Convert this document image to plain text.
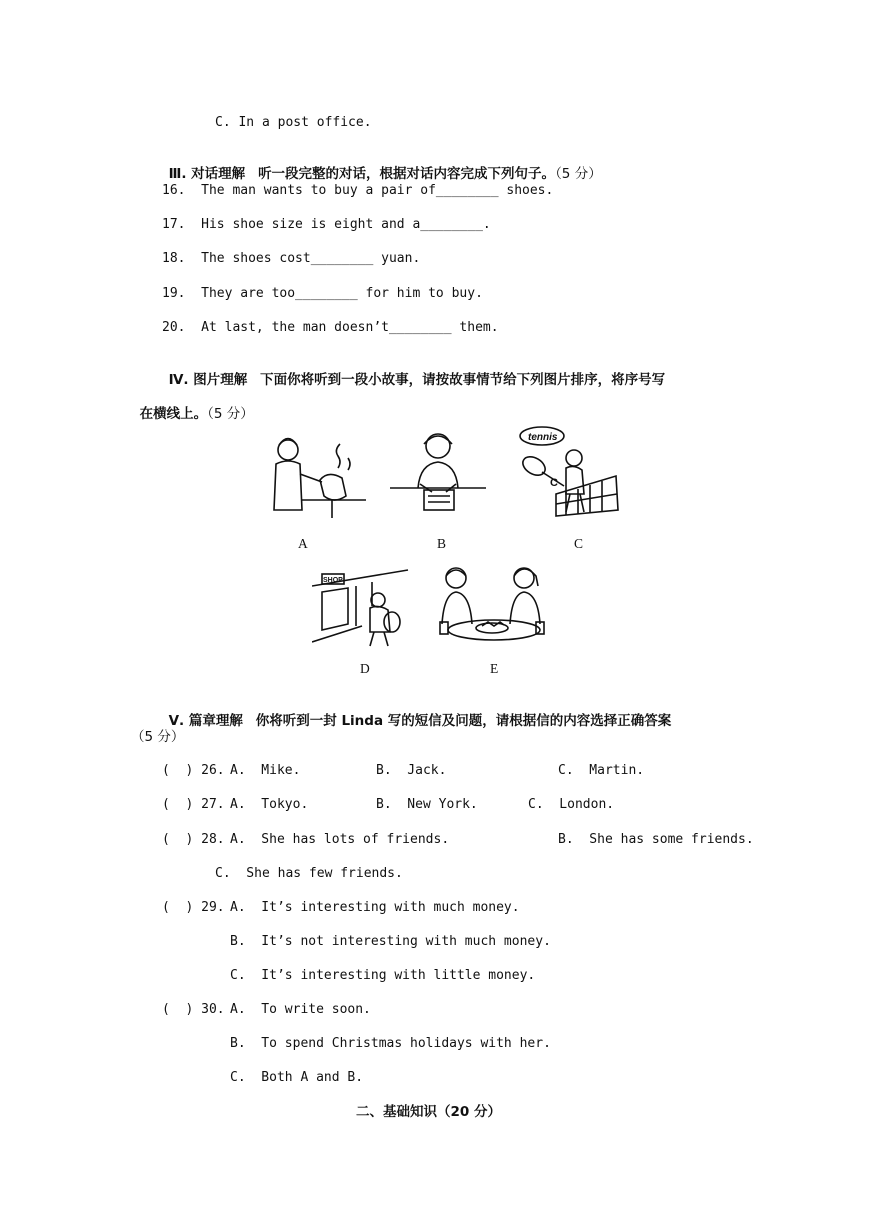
C. In a post office.

Ⅲ. 对话理解 听一段完整的对话，根据对话内容完成下列句子。（5 分）

16.  The man wants to buy a pair of________ shoes.
17.  His shoe size is eight and a________.
18.  The shoes cost________ yuan.
19.  They are too________ for him to buy.
20.  At last, the man doesn’t________ them.

Ⅳ. 图片理解 下面你将听到一段小故事，请按故事情节给下列图片排序，将序号写

在横线上。（5 分）

tennis
C
A	B	C
SHOP
D	E

Ⅴ. 篇章理解 你将听到一封 Linda 写的短信及问题，请根据信的内容选择正确答案

（5 分）
(  ) 26. A.  Mike.	B.  Jack.	C.  Martin.
(  ) 27. A.  Tokyo.	B.  New York.	C.  London.
(  ) 28. A.  She has lots of friends.	B.  She has some friends.
C.  She has few friends.
(  ) 29. A.  It’s interesting with much money.
B.  It’s not interesting with much money.
C.  It’s interesting with little money.
(  ) 30. A.  To write soon.
B.  To spend Christmas holidays with her.
C.  Both A and B.
二、基础知识（20 分）
